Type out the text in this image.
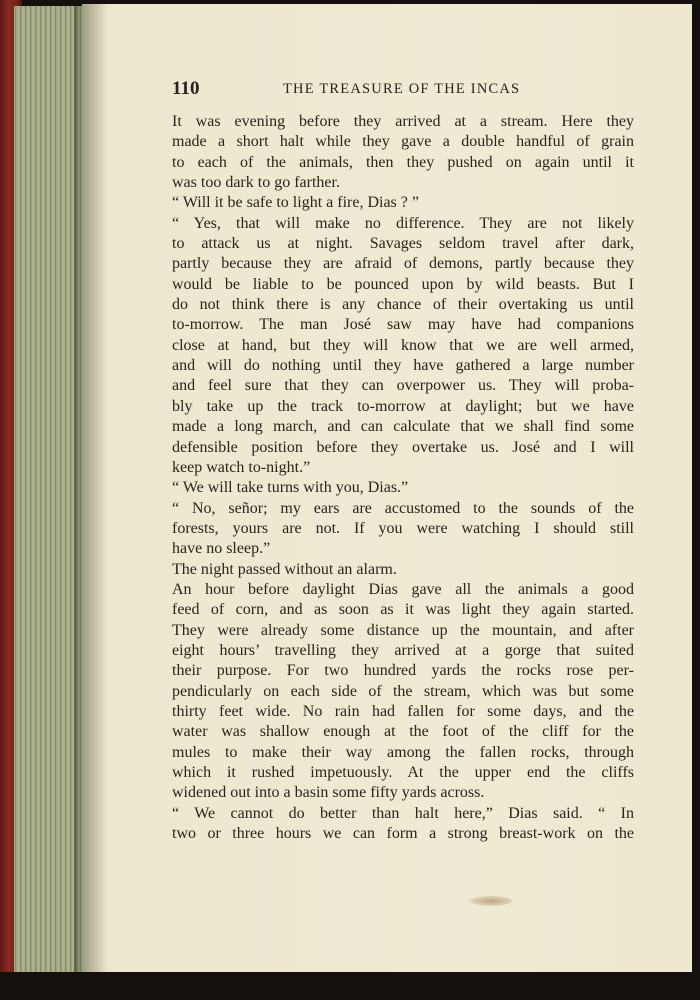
110	THE TREASURE OF THE INCAS
It was evening before they arrived at a stream. Here they
made a short halt while they gave a double handful of grain
to each of the animals, then they pushed on again until it
was too dark to go farther.
“ Will it be safe to light a fire, Dias ? ”
“ Yes, that will make no difference. They are not likely
to attack us at night. Savages seldom travel after dark,
partly because they are afraid of demons, partly because they
would be liable to be pounced upon by wild beasts. But I
do not think there is any chance of their overtaking us until
to-morrow. The man José saw may have had companions
close at hand, but they will know that we are well armed,
and will do nothing until they have gathered a large number
and feel sure that they can overpower us. They will proba-
bly take up the track to-morrow at daylight; but we have
made a long march, and can calculate that we shall find some
defensible position before they overtake us. José and I will
keep watch to-night.”
“ We will take turns with you, Dias.”
“ No, señor; my ears are accustomed to the sounds of the
forests, yours are not. If you were watching I should still
have no sleep.”
The night passed without an alarm.
An hour before daylight Dias gave all the animals a good
feed of corn, and as soon as it was light they again started.
They were already some distance up the mountain, and after
eight hours’ travelling they arrived at a gorge that suited
their purpose. For two hundred yards the rocks rose per-
pendicularly on each side of the stream, which was but some
thirty feet wide. No rain had fallen for some days, and the
water was shallow enough at the foot of the cliff for the
mules to make their way among the fallen rocks, through
which it rushed impetuously. At the upper end the cliffs
widened out into a basin some fifty yards across.
“ We cannot do better than halt here,” Dias said. “ In
two or three hours we can form a strong breast-work on the
